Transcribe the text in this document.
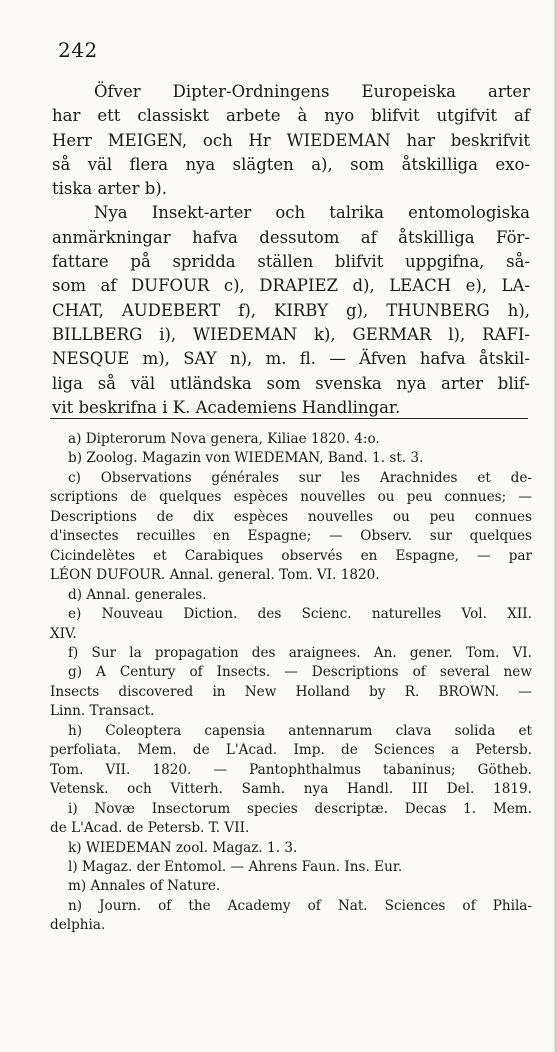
242
Öfver Dipter-Ordningens Europeiska arter
har ett classiskt arbete à nyo blifvit utgifvit af
Herr MEIGEN, och Hr WIEDEMAN har beskrifvit
så väl flera nya slägten a), som åtskilliga exo-
tiska arter b).
Nya Insekt-arter och talrika entomologiska
anmärkningar hafva dessutom af åtskilliga För-
fattare på spridda ställen blifvit uppgifna, så-
som af DUFOUR c), DRAPIEZ d), LEACH e), LA-
CHAT, AUDEBERT f), KIRBY g), THUNBERG h),
BILLBERG i), WIEDEMAN k), GERMAR l), RAFI-
NESQUE m), SAY n), m. fl. — Äfven hafva åtskil-
liga så väl utländska som svenska nya arter blif-
vit beskrifna i K. Academiens Handlingar.
a) Dipterorum Nova genera, Kiliae 1820. 4:o.
b) Zoolog. Magazin von WIEDEMAN, Band. 1. st. 3.
c) Observations générales sur les Arachnides et de-
scriptions de quelques espèces nouvelles ou peu connues; —
Descriptions de dix espèces nouvelles ou peu connues
d'insectes recuilles en Espagne; — Observ. sur quelques
Cicindelètes et Carabiques observés en Espagne, — par
LÉON DUFOUR. Annal. general. Tom. VI. 1820.
d) Annal. generales.
e) Nouveau Diction. des Scienc. naturelles Vol. XII.
XIV.
f) Sur la propagation des araignees. An. gener. Tom. VI.
g) A Century of Insects. — Descriptions of several new
Insects discovered in New Holland by R. BROWN. —
Linn. Transact.
h) Coleoptera capensia antennarum clava solida et
perfoliata. Mem. de L'Acad. Imp. de Sciences a Petersb.
Tom. VII. 1820. — Pantophthalmus tabaninus; Götheb.
Vetensk. och Vitterh. Samh. nya Handl. III Del. 1819.
i) Novæ Insectorum species descriptæ. Decas 1. Mem.
de L'Acad. de Petersb. T. VII.
k) WIEDEMAN zool. Magaz. 1. 3.
l) Magaz. der Entomol. — Ahrens Faun. Ins. Eur.
m) Annales of Nature.
n) Journ. of the Academy of Nat. Sciences of Phila-
delphia.
